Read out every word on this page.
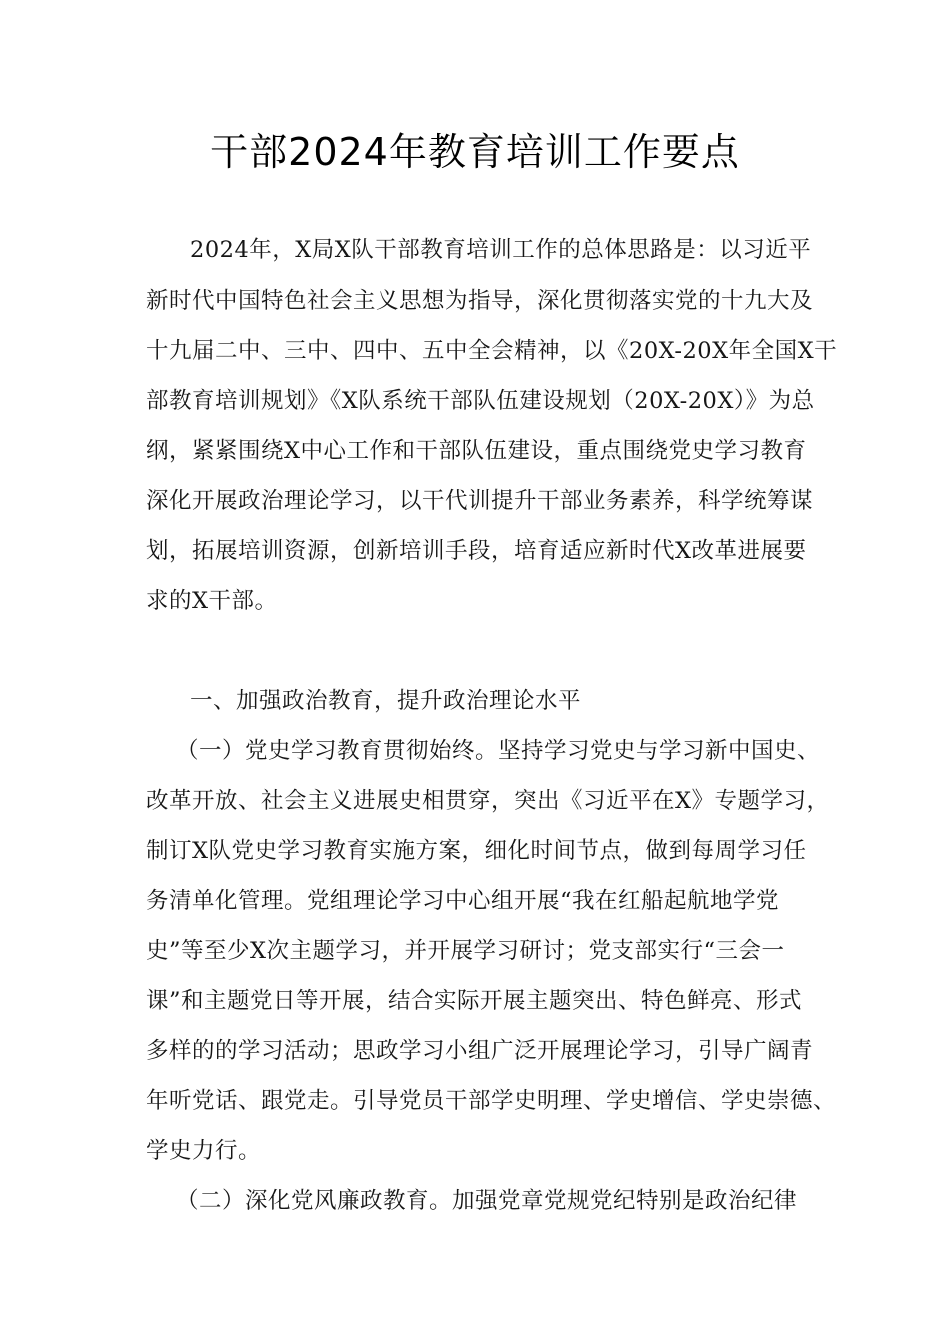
干部2024年教育培训工作要点

2024年，X局X队干部教育培训工作的总体思路是：以习近平

新时代中国特色社会主义思想为指导，深化贯彻落实党的十九大及

十九届二中、三中、四中、五中全会精神，以《20X-20X年全国X干

部教育培训规划》《X队系统干部队伍建设规划（20X-20X）》为总

纲，紧紧围绕X中心工作和干部队伍建设，重点围绕党史学习教育

深化开展政治理论学习，以干代训提升干部业务素养，科学统筹谋

划，拓展培训资源，创新培训手段，培育适应新时代X改革进展要

求的X干部。

一、加强政治教育，提升政治理论水平

（一）党史学习教育贯彻始终。坚持学习党史与学习新中国史、

改革开放、社会主义进展史相贯穿，突出《习近平在X》专题学习，

制订X队党史学习教育实施方案，细化时间节点，做到每周学习任

务清单化管理。党组理论学习中心组开展“我在红船起航地学党

史”等至少X次主题学习，并开展学习研讨；党支部实行“三会一

课”和主题党日等开展，结合实际开展主题突出、特色鲜亮、形式

多样的的学习活动；思政学习小组广泛开展理论学习，引导广阔青

年听党话、跟党走。引导党员干部学史明理、学史增信、学史崇德、

学史力行。

（二）深化党风廉政教育。加强党章党规党纪特别是政治纪律
